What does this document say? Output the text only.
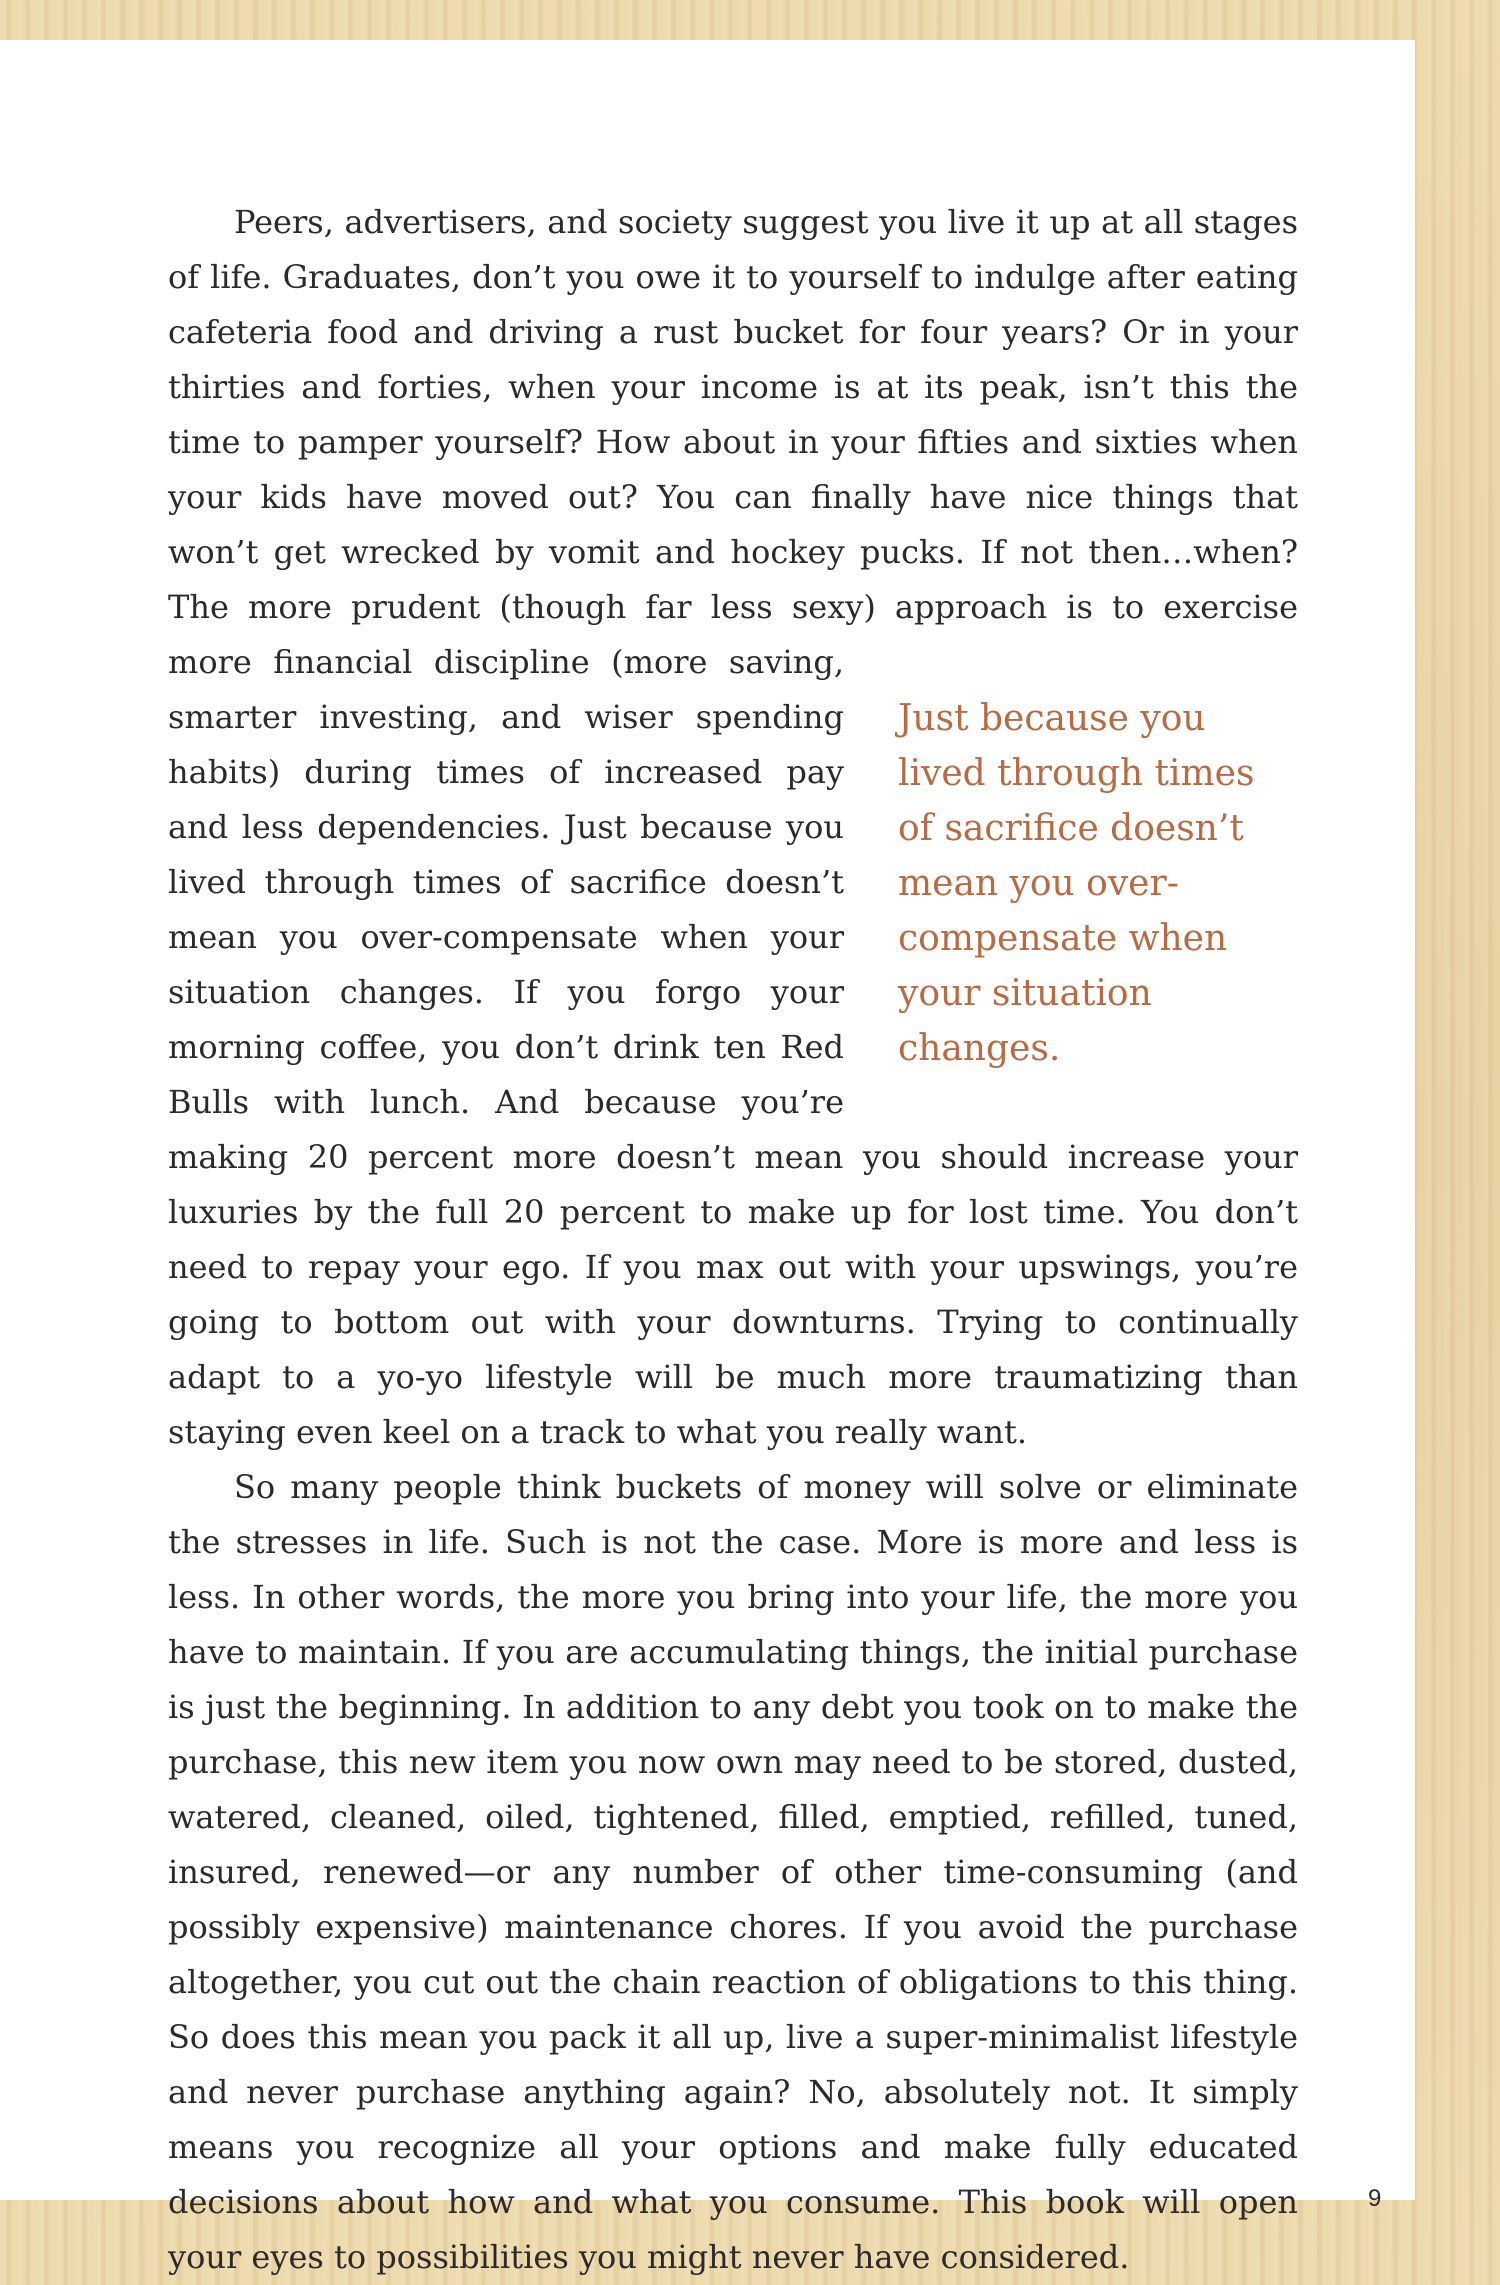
Peers, advertisers, and society suggest you live it up at all stages of life. Graduates, don’t you owe it to yourself to indulge after eating cafeteria food and driving a rust bucket for four years? Or in your thirties and forties, when your income is at its peak, isn’t this the time to pamper yourself? How about in your fifties and sixties when your kids have moved out? You can finally have nice things that won’t get wrecked by vomit and hockey pucks. If not then…when? The more prudent (though far less sexy) approach is
Just because you lived through times of sacrifice doesn’t mean you over-compensate when your situation changes.
to exercise more financial discipline (more saving, smarter investing, and wiser spending habits) during times of increased pay and less dependencies. Just because you lived through times of sacrifice doesn’t mean you over-compensate when your situation changes. If you forgo your morning coffee, you don’t drink ten Red Bulls with lunch. And because you’re making 20 percent more doesn’t mean you should increase your luxuries by the full 20 percent to make up for lost time. You don’t need to repay your ego. If you max out with your upswings, you’re going to bottom out with your downturns. Trying to continually adapt to a yo-yo lifestyle will be much more traumatizing than staying even keel on a track to what you really want.

So many people think buckets of money will solve or eliminate the stresses in life. Such is not the case. More is more and less is less. In other words, the more you bring into your life, the more you have to maintain. If you are accumulating things, the initial purchase is just the beginning. In addition to any debt you took on to make the purchase, this new item you now own may need to be stored, dusted, watered, cleaned, oiled, tightened, filled, emptied, refilled, tuned, insured, renewed—or any number of other time-consuming (and possibly expensive) maintenance chores. If you avoid the purchase altogether, you cut out the chain reaction of obligations to this thing. So does this mean you pack it all up, live a super-minimalist lifestyle and never purchase anything again? No, absolutely not. It simply means you recognize all your options and make fully educated decisions about how and what you consume. This book will open your eyes to possibilities you might never have considered.

9
